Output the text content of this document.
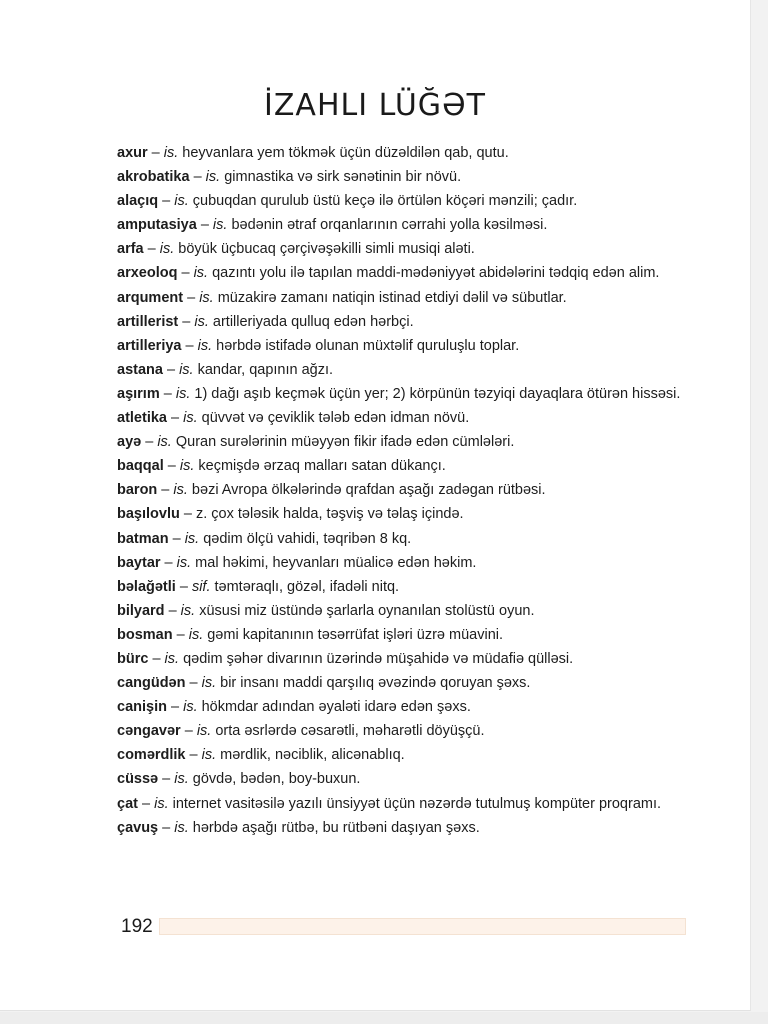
İZAHLI LÜĞƏT
axur – is. heyvanlara yem tökmək üçün düzəldilən qab, qutu.
akrobatika – is. gimnastika və sirk sənətinin bir növü.
alaçıq – is. çubuqdan qurulub üstü keçə ilə örtülən köçəri mənzili; çadır.
amputasiya – is. bədənin ətraf orqanlarının cərrahi yolla kəsilməsi.
arfa – is. böyük üçbucaq çərçivəşəkilli simli musiqi aləti.
arxeoloq – is. qazıntı yolu ilə tapılan maddi-mədəniyyət abidələrini tədqiq edən alim.
arqument – is. müzakirə zamanı natiqin istinad etdiyi dəlil və sübutlar.
artillerist – is. artilleriyada qulluq edən hərbçi.
artilleriya – is. hərbdə istifadə olunan müxtəlif quruluşlu toplar.
astana – is. kandar, qapının ağzı.
aşırım – is. 1) dağı aşıb keçmək üçün yer; 2) körpünün təzyiqi dayaqlara ötürən hissəsi.
atletika – is. qüvvət və çeviklik tələb edən idman növü.
ayə – is. Quran surələrinin müəyyən fikir ifadə edən cümlələri.
baqqal – is. keçmişdə ərzaq malları satan dükançı.
baron – is. bəzi Avropa ölkələrində qrafdan aşağı zadəgan rütbəsi.
başılovlu – z. çox tələsik halda, təşviş və təlaş içində.
batman – is. qədim ölçü vahidi, təqribən 8 kq.
baytar – is. mal həkimi, heyvanları müalicə edən həkim.
bəlağətli – sif. təmtəraqlı, gözəl, ifadəli nitq.
bilyard – is. xüsusi miz üstündə şarlarla oynanılan stolüstü oyun.
bosman – is. gəmi kapitanının təsərrüfat işləri üzrə müavini.
bürc – is. qədim şəhər divarının üzərində müşahidə və müdafiə qülləsi.
cangüdən – is. bir insanı maddi qarşılıq əvəzində qoruyan şəxs.
canişin – is. hökmdar adından əyaləti idarə edən şəxs.
cəngavər – is. orta əsrlərdə cəsarətli, məharətli döyüşçü.
comərdlik – is. mərdlik, nəciblik, alicənablıq.
cüssə – is. gövdə, bədən, boy-buxun.
çat – is. internet vasitəsilə yazılı ünsiyyət üçün nəzərdə tutulmuş kompüter proqramı.
çavuş – is. hərbdə aşağı rütbə, bu rütbəni daşıyan şəxs.
192
